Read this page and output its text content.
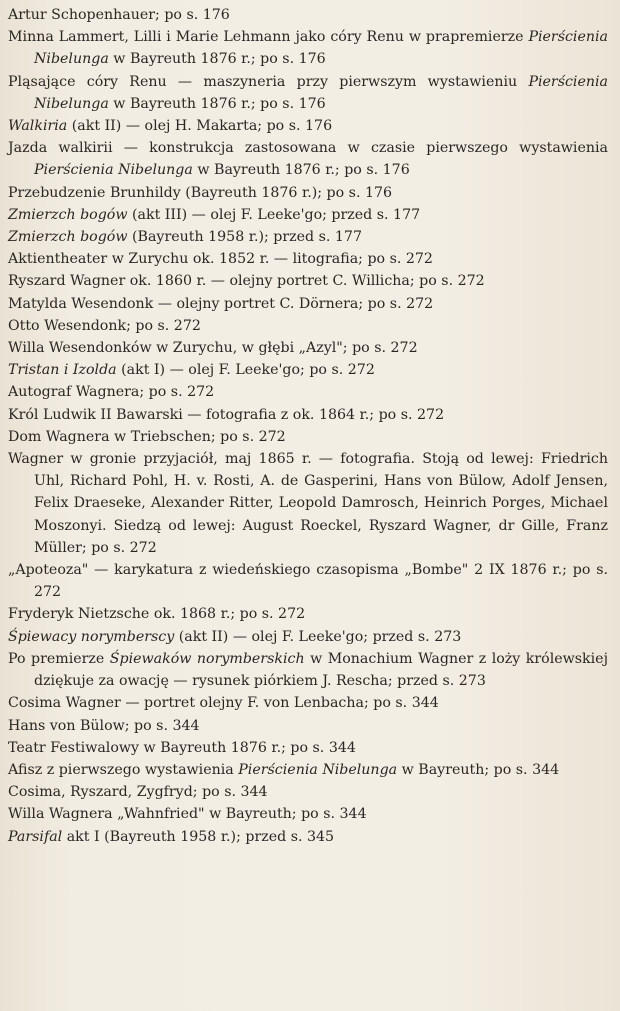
Artur Schopenhauer; po s. 176
Minna Lammert, Lilli i Marie Lehmann jako córy Renu w prapremierze Pierścienia Nibelunga w Bayreuth 1876 r.; po s. 176
Pląsające córy Renu — maszyneria przy pierwszym wystawieniu Pierścienia Nibelunga w Bayreuth 1876 r.; po s. 176
Walkiria (akt II) — olej H. Makarta; po s. 176
Jazda walkirii — konstrukcja zastosowana w czasie pierwszego wystawienia Pierścienia Nibelunga w Bayreuth 1876 r.; po s. 176
Przebudzenie Brunhildy (Bayreuth 1876 r.); po s. 176
Zmierzch bogów (akt III) — olej F. Leeke'go; przed s. 177
Zmierzch bogów (Bayreuth 1958 r.); przed s. 177
Aktientheater w Zurychu ok. 1852 r. — litografia; po s. 272
Ryszard Wagner ok. 1860 r. — olejny portret C. Willicha; po s. 272
Matylda Wesendonk — olejny portret C. Dörnera; po s. 272
Otto Wesendonk; po s. 272
Willa Wesendonków w Zurychu, w głębi „Azyl"; po s. 272
Tristan i Izolda (akt I) — olej F. Leeke'go; po s. 272
Autograf Wagnera; po s. 272
Król Ludwik II Bawarski — fotografia z ok. 1864 r.; po s. 272
Dom Wagnera w Triebschen; po s. 272
Wagner w gronie przyjaciół, maj 1865 r. — fotografia. Stoją od lewej: Friedrich Uhl, Richard Pohl, H. v. Rosti, A. de Gasperini, Hans von Bülow, Adolf Jensen, Felix Draeseke, Alexander Ritter, Leopold Damrosch, Heinrich Porges, Michael Moszonyi. Siedzą od lewej: August Roeckel, Ryszard Wagner, dr Gille, Franz Müller; po s. 272
„Apoteoza" — karykatura z wiedeńskiego czasopisma „Bombe" 2 IX 1876 r.; po s. 272
Fryderyk Nietzsche ok. 1868 r.; po s. 272
Śpiewacy norymberscy (akt II) — olej F. Leeke'go; przed s. 273
Po premierze Śpiewaków norymberskich w Monachium Wagner z loży królewskiej dziękuje za owację — rysunek piórkiem J. Rescha; przed s. 273
Cosima Wagner — portret olejny F. von Lenbacha; po s. 344
Hans von Bülow; po s. 344
Teatr Festiwalowy w Bayreuth 1876 r.; po s. 344
Afisz z pierwszego wystawienia Pierścienia Nibelunga w Bayreuth; po s. 344
Cosima, Ryszard, Zygfryd; po s. 344
Willa Wagnera „Wahnfried" w Bayreuth; po s. 344
Parsifal akt I (Bayreuth 1958 r.); przed s. 345
